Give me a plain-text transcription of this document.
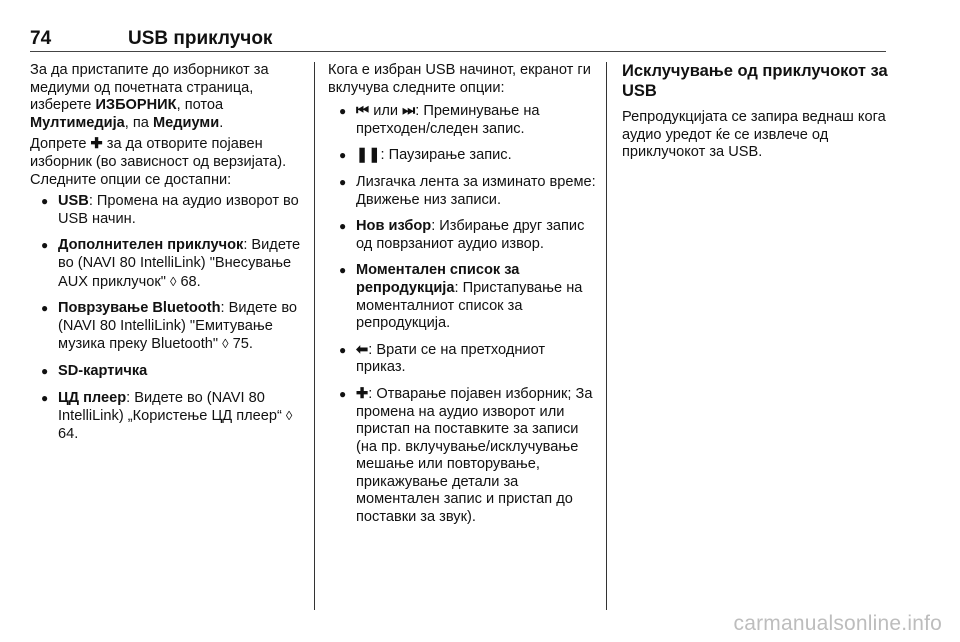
74	USB приклучок

За да пристапите до изборникот за медиуми од почетната страница, изберете ИЗБОРНИК, потоа Мултимедија, па Медиуми.

Допрете ✚ за да отворите појавен изборник (во зависност од верзијата). Следните опции се достапни:

● USB: Промена на аудио изворот во USB начин.
● Дополнителен приклучок: Видете во (NAVI 80 IntelliLink) "Внесување AUX приклучок" ◊ 68.
● Поврзување Bluetooth: Видете во (NAVI 80 IntelliLink) "Емитување музика преку Bluetooth" ◊ 75.
● SD-картичка
● ЦД плеер: Видете во (NAVI 80 IntelliLink) „Користење ЦД плеер“ ◊ 64.

Кога е избран USB начинот, екранот ги вклучува следните опции:

● ⏮ или ⏭: Преминување на претходен/следен запис.
● ❚❚: Паузирање запис.
● Лизгачка лента за изминато време: Движење низ записи.
● Нов избор: Избирање друг запис од поврзаниот аудио извор.
● Моментален список за репродукција: Пристапување на моменталниот список за репродукција.
● ⬅: Врати се на претходниот приказ.
● ✚: Отварање појавен изборник; За промена на аудио изворот или пристап на поставките за записи (на пр. вклучување/исклучување мешање или повторување, прикажување детали за моментален запис и пристап до поставки за звук).
Исклучување од приклучокот за USB

Репродукцијата се запира веднаш кога аудио уредот ќе се извлече од приклучокот за USB.

carmanualsonline.info
